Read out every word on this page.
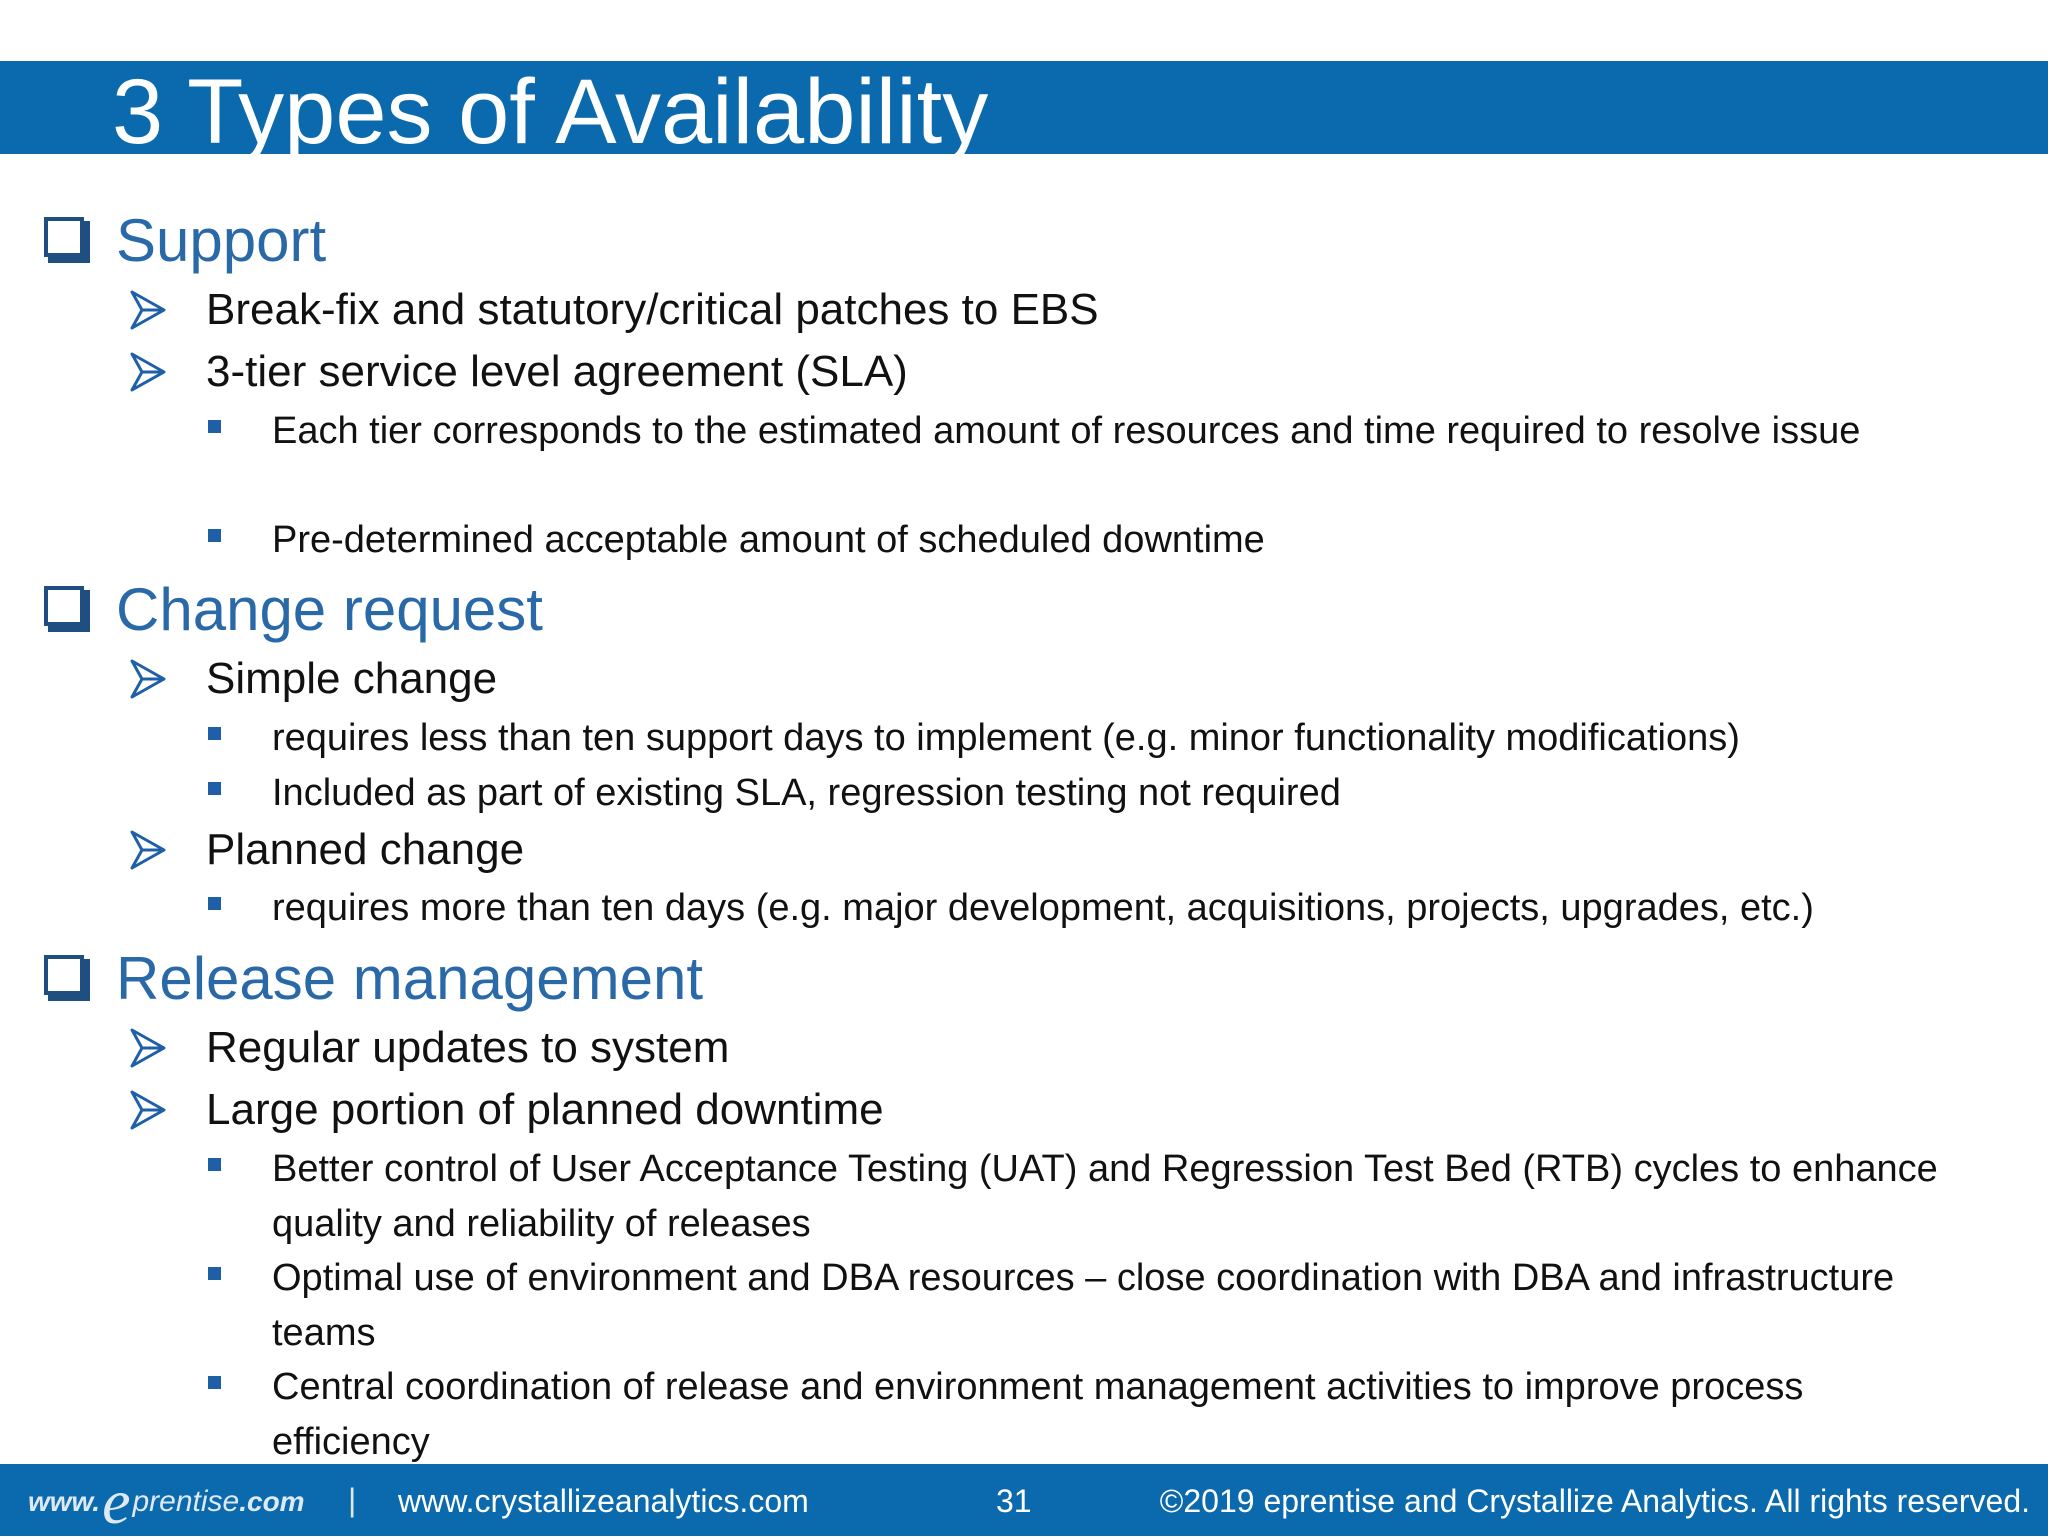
3 Types of Availability
Support
Break-fix and statutory/critical patches to EBS
3-tier service level agreement (SLA)
Each tier corresponds to the estimated amount of resources and time required to resolve issue
Pre-determined acceptable amount of scheduled downtime
Change request
Simple change
requires less than ten support days to implement (e.g. minor functionality modifications)
Included as part of existing SLA, regression testing not required
Planned change
requires more than ten days (e.g. major development, acquisitions, projects, upgrades, etc.)
Release management
Regular updates to system
Large portion of planned downtime
Better control of User Acceptance Testing (UAT) and Regression Test Bed (RTB) cycles to enhance quality and reliability of releases
Optimal use of environment and DBA resources – close coordination with DBA and infrastructure teams
Central coordination of release and environment management activities to improve process efficiency
www. e prentise .com | www.crystallizeanalytics.com	31	©2019 eprentise and Crystallize Analytics. All rights reserved.
